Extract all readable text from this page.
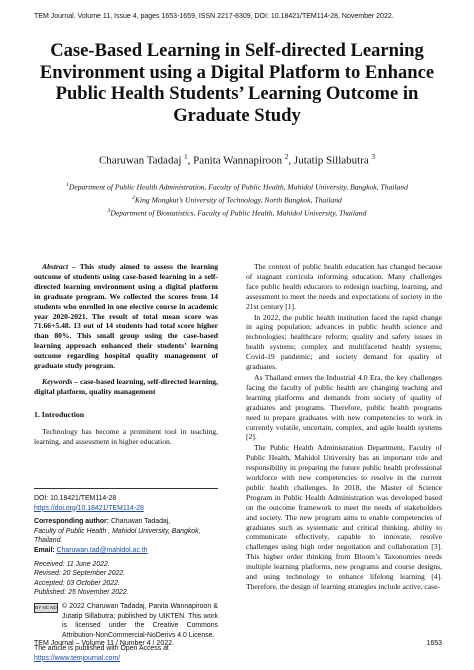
TEM Journal. Volume 11, Issue 4, pages 1653-1659, ISSN 2217-8309, DOI: 10.18421/TEM114-28, November 2022.
Case-Based Learning in Self-directed Learning Environment using a Digital Platform to Enhance Public Health Students’ Learning Outcome in Graduate Study
Charuwan Tadadaj $^1$, Panita Wannapiroon $^2$, Jutatip Sillabutra $^3$
$^1$Department of Public Health Administration, Faculty of Public Health, Mahidol University, Bangkok, Thailand
$^2$King Mongkut’s University of Technology, North Bangkok, Thailand
$^3$Department of Biostatistics, Faculty of Public Health, Mahidol University, Thailand

Abstract – This study aimed to assess the learning outcome of students using case-based learning in a self-directed learning environment using a digital platform in graduate program. We collected the scores from 14 students who enrolled in one elective course in academic year 2020-2021. The result of total mean score was 71.66+5.48. 13 out of 14 students had total score higher than 80%. This small group using the case-based learning approach enhanced their students’ learning outcome regarding hospital quality management of graduate study program.

Keywords – case-based learning, self-directed learning, digital platform, quality management

1. Introduction

Technology has become a prominent tool in teaching, learning, and assessment in higher education.

DOI: 10.18421/TEM114-28

https://doi.org/10.18421/TEM114-28

Corresponding author: Charuwan Tadadaj,

Faculty of Public Health , Mahidol University, Bangkok, Thailand.

Email: Charuwan.tad@mahidol.ac.th

Received: 11 June 2022.

Revised: 20 September 2022.

Accepted: 03 October 2022.

Published: 25 November 2022.

BY NC ND © 2022 Charuwan Tadadaj, Panita Wannapiroon & Jutatip Sillabutra; published by UIKTEN. This work is licensed under the Creative Commons Attribution-NonCommercial-NoDerivs 4.0 License.

The article is published with Open Access at

https://www.temjournal.com/

The context of public health education has changed because of stagnant curricula informing education. Many challenges face public health educators to redesign teaching, learning, and assessment to meet the needs and expectations of society in the 21st century [1].

In 2022, the public health institution faced the rapid change in aging population; advances in public health science and technologies; healthcare reform; quality and safety issues in health systems; complex and multifaceted health systems; Covid-19 pandemic; and society demand for quality of graduates.

As Thailand enters the Industrial 4.0 Era, the key challenges facing the faculty of public health are changing teaching and learning platforms and demands from society of quality of graduates and programs. Therefore, public health programs need to prepare graduates with new competencies to work in currently volatile, uncertain, complex, and agile health systems [2].

The Public Health Administration Department, Faculty of Public Health, Mahidol University has an important role and responsibility in preparing the future public health professional workforce with new competencies to resolve in the current public health challenges. In 2018, the Master of Science Program in Public Health Administration was developed based on the outcome framework to meet the needs of stakeholders and society. The new program aims to enable competencies of graduates such as systematic and critical thinking, ability to communicate effectively, capable to innovate, resolve challenges using high order negotiation and collaboration [3]. This higher order thinking from Bloom’s Taxonomies needs multiple learning platforms, new programs and course designs, and using technology to enhance lifelong learning [4]. Therefore, the design of learning strategies include active, case-

TEM Journal – Volume 11 / Number 4 / 2022.	1653
